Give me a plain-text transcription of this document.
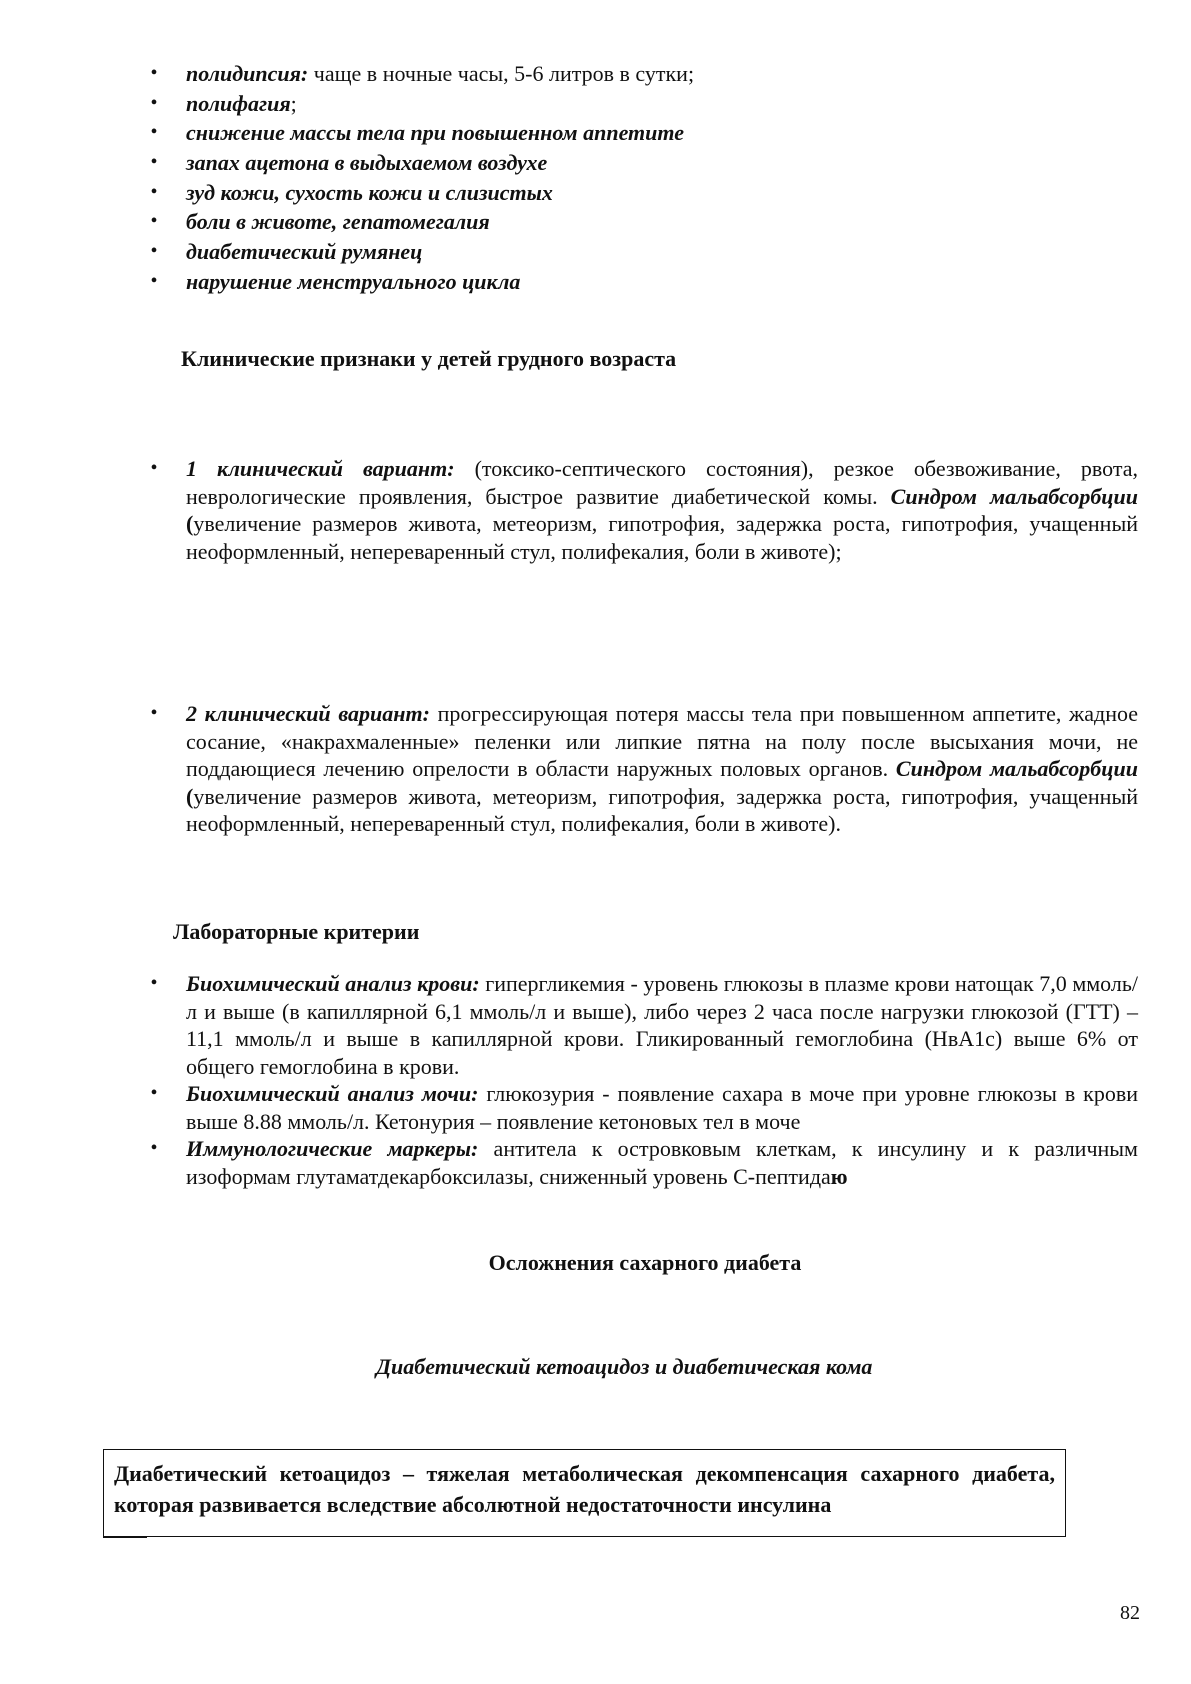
• полидипсия: чаще в ночные часы, 5-6 литров в сутки;
• полифагия;
• снижение массы тела при повышенном аппетите
• запах ацетона в выдыхаемом воздухе
• зуд кожи, сухость кожи и слизистых
• боли в животе, гепатомегалия
• диабетический румянец
• нарушение менструального цикла
Клинические признаки у детей грудного возраста
• 1 клинический вариант: (токсико-септического состояния), резкое обезвоживание, рвота, неврологические проявления, быстрое развитие диабетической комы. Синдром мальабсорбции (увеличение размеров живота, метеоризм, гипотрофия, задержка роста, гипотрофия, учащенный неоформленный, непереваренный стул, полифекалия, боли в животе);
• 2 клинический вариант: прогрессирующая потеря массы тела при повышенном аппетите, жадное сосание, «накрахмаленные» пеленки или липкие пятна на полу после высыхания мочи, не поддающиеся лечению опрелости в области наружных половых органов. Синдром мальабсорбции (увеличение размеров живота, метеоризм, гипотрофия, задержка роста, гипотрофия, учащенный неоформленный, непереваренный стул, полифекалия, боли в животе).
Лабораторные критерии
• Биохимический анализ крови: гипергликемия - уровень глюкозы в плазме крови натощак 7,0 ммоль/л и выше (в капиллярной 6,1 ммоль/л и выше), либо через 2 часа после нагрузки глюкозой (ГТТ) – 11,1 ммоль/л и выше в капиллярной крови. Гликированный гемоглобина (НвА1с) выше 6% от общего гемоглобина в крови.
• Биохимический анализ мочи: глюкозурия - появление сахара в моче при уровне глюкозы в крови выше 8.88 ммоль/л. Кетонурия – появление кетоновых тел в моче
• Иммунологические маркеры: антитела к островковым клеткам, к инсулину и к различным изоформам глутаматдекарбоксилазы, сниженный уровень С-пептидаю
Осложнения сахарного диабета
Диабетический кетоацидоз и диабетическая кома
Диабетический кетоацидоз – тяжелая метаболическая декомпенсация сахарного диабета, которая развивается вследствие абсолютной недостаточности инсулина
82
